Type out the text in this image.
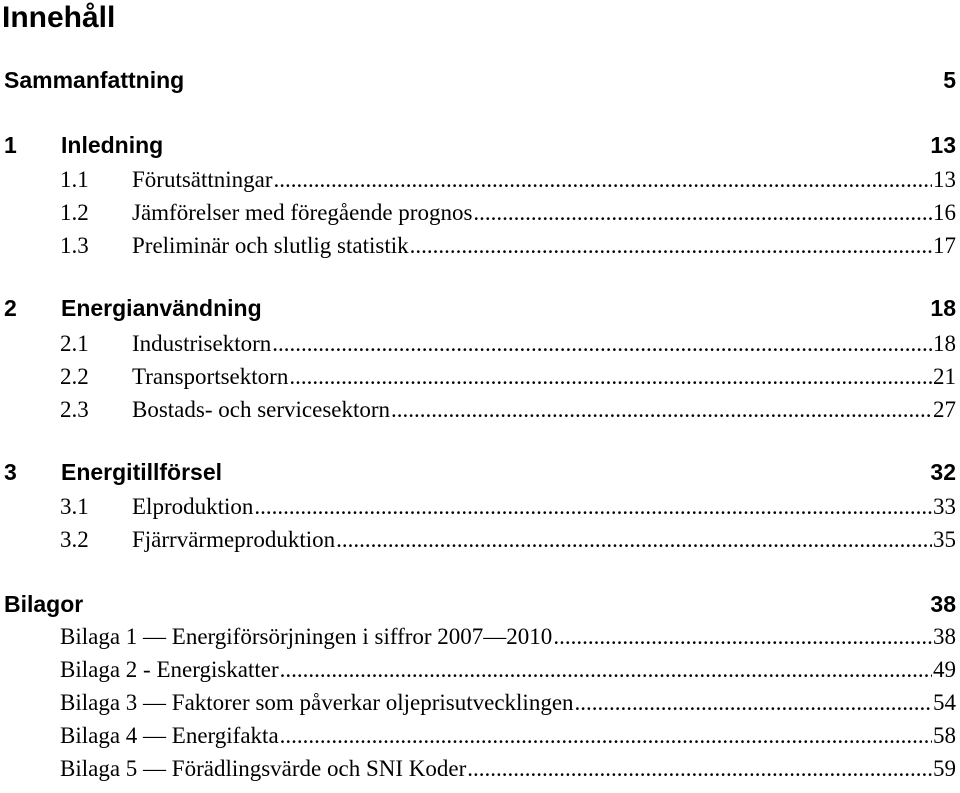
Innehåll
Sammanfattning	5
1 Inledning	13
1.1	Förutsättningar .....	13
1.2	Jämförelser med föregående prognos .....	16
1.3	Preliminär och slutlig statistik .....	17
2 Energianvändning	18
2.1	Industrisektorn .....	18
2.2	Transportsektorn .....	21
2.3	Bostads- och servicesektorn .....	27
3 Energitillförsel	32
3.1	Elproduktion .....	33
3.2	Fjärrvärmeproduktion .....	35
Bilagor	38
Bilaga 1 — Energiförsörjningen i siffror 2007—2010 .....	38
Bilaga 2 - Energiskatter .....	49
Bilaga 3 — Faktorer som påverkar oljeprisutvecklingen .....	54
Bilaga 4 — Energifakta .....	58
Bilaga 5 — Förädlingsvärde och SNI Koder .....	59
